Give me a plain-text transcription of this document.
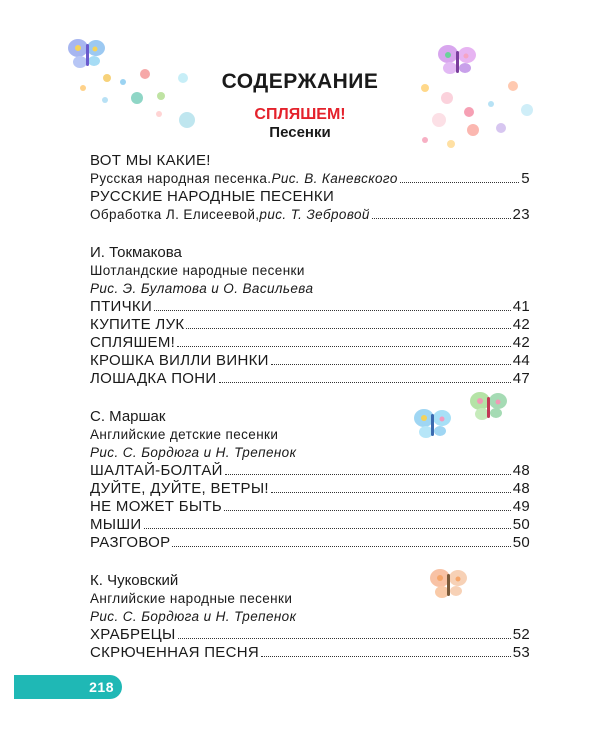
СОДЕРЖАНИЕ
СПЛЯШЕМ!
Песенки
ВОТ МЫ КАКИЕ!
Русская народная песенка. Рис. В. Каневского	5
РУССКИЕ НАРОДНЫЕ ПЕСЕНКИ
Обработка Л. Елисеевой, рис. Т. Зебровой	23
И. Токмакова
Шотландские народные песенки
Рис. Э. Булатова и О. Васильева
ПТИЧКИ	41
КУПИТЕ ЛУК	42
СПЛЯШЕМ!	42
КРОШКА ВИЛЛИ ВИНКИ	44
ЛОШАДКА ПОНИ	47
С. Маршак
Английские детские песенки
Рис. С. Бордюга и Н. Трепенок
ШАЛТАЙ-БОЛТАЙ	48
ДУЙТЕ, ДУЙТЕ, ВЕТРЫ!	48
НЕ МОЖЕТ БЫТЬ	49
МЫШИ	50
РАЗГОВОР	50
К. Чуковский
Английские народные песенки
Рис. С. Бордюга и Н. Трепенок
ХРАБРЕЦЫ	52
СКРЮЧЕННАЯ ПЕСНЯ	53
218
